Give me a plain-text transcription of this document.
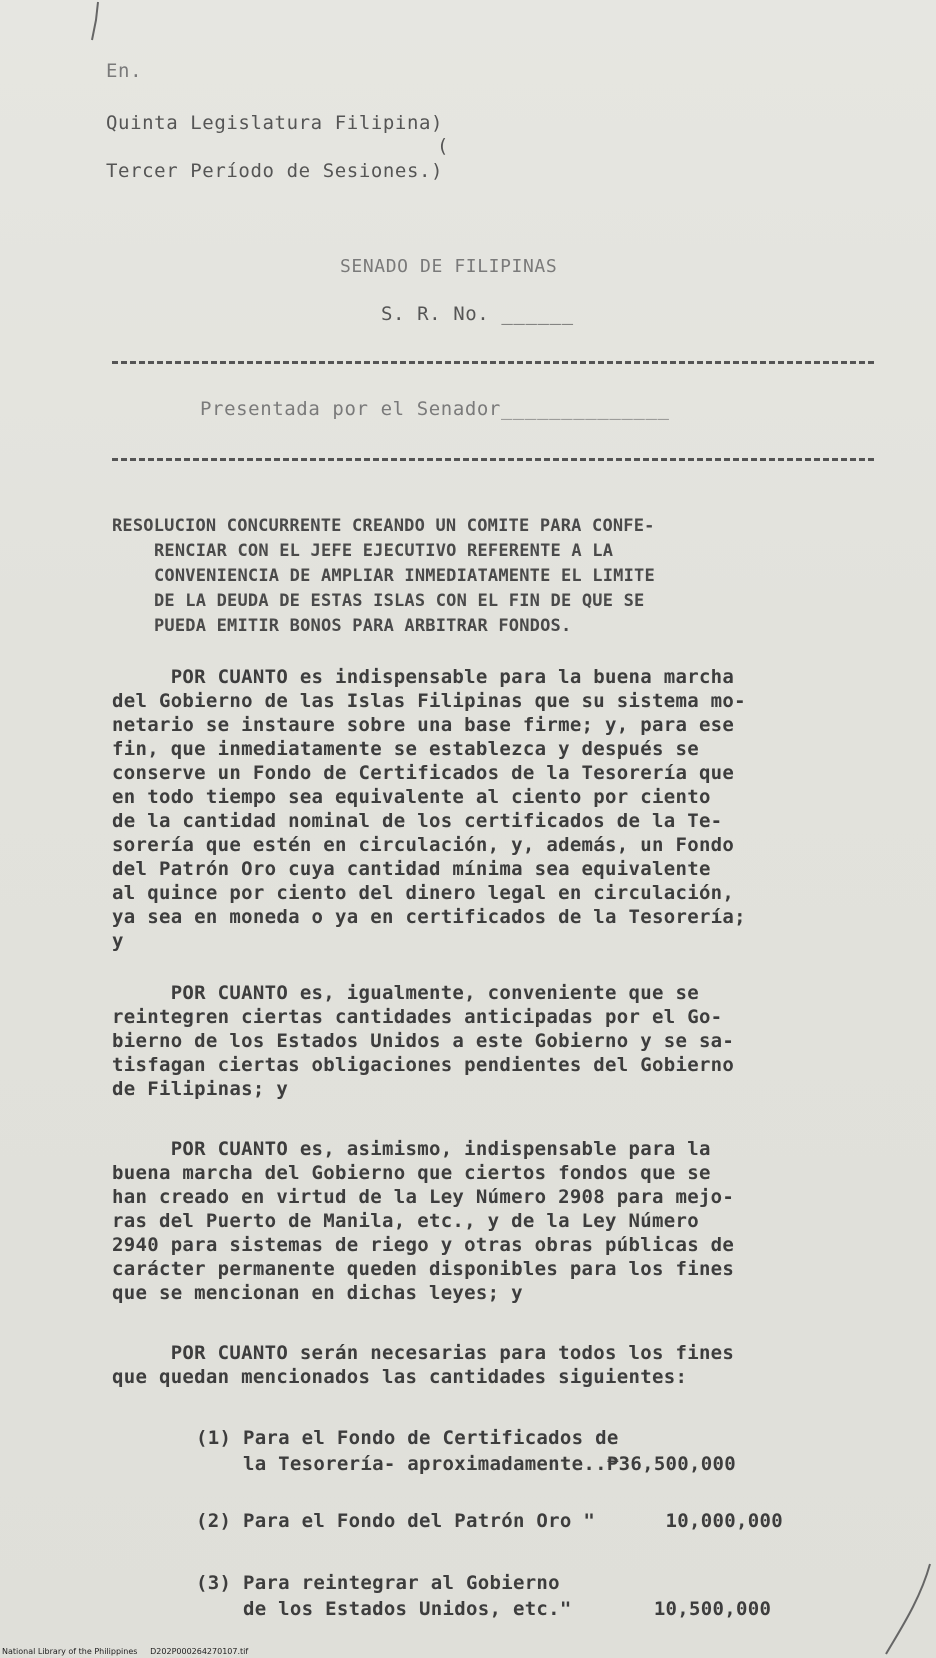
En.
Quinta Legislatura Filipina)
(
Tercer Período de Sesiones.)
SENADO DE FILIPINAS
S. R. No. ______
Presentada por el Senador______________
RESOLUCION CONCURRENTE CREANDO UN COMITE PARA CONFE-
RENCIAR CON EL JEFE EJECUTIVO REFERENTE A LA
CONVENIENCIA DE AMPLIAR INMEDIATAMENTE EL LIMITE
DE LA DEUDA DE ESTAS ISLAS CON EL FIN DE QUE SE
PUEDA EMITIR BONOS PARA ARBITRAR FONDOS.
POR CUANTO es indispensable para la buena marcha
del Gobierno de las Islas Filipinas que su sistema mo-
netario se instaure sobre una base firme; y, para ese
fin, que inmediatamente se establezca y después se
conserve un Fondo de Certificados de la Tesorería que
en todo tiempo sea equivalente al ciento por ciento
de la cantidad nominal de los certificados de la Te-
sorería que estén en circulación, y, además, un Fondo
del Patrón Oro cuya cantidad mínima sea equivalente
al quince por ciento del dinero legal en circulación,
ya sea en moneda o ya en certificados de la Tesorería;
y
POR CUANTO es, igualmente, conveniente que se
reintegren ciertas cantidades anticipadas por el Go-
bierno de los Estados Unidos a este Gobierno y se sa-
tisfagan ciertas obligaciones pendientes del Gobierno
de Filipinas; y
POR CUANTO es, asimismo, indispensable para la
buena marcha del Gobierno que ciertos fondos que se
han creado en virtud de la Ley Número 2908 para mejo-
ras del Puerto de Manila, etc., y de la Ley Número
2940 para sistemas de riego y otras obras públicas de
carácter permanente queden disponibles para los fines
que se mencionan en dichas leyes; y
POR CUANTO serán necesarias para todos los fines
que quedan mencionados las cantidades siguientes:
(1) Para el Fondo de Certificados de
la Tesorería- aproximadamente..₱36,500,000
(2) Para el Fondo del Patrón Oro "      10,000,000
(3) Para reintegrar al Gobierno
de los Estados Unidos, etc."       10,500,000
National Library of the Philippines     D202P000264270107.tif
